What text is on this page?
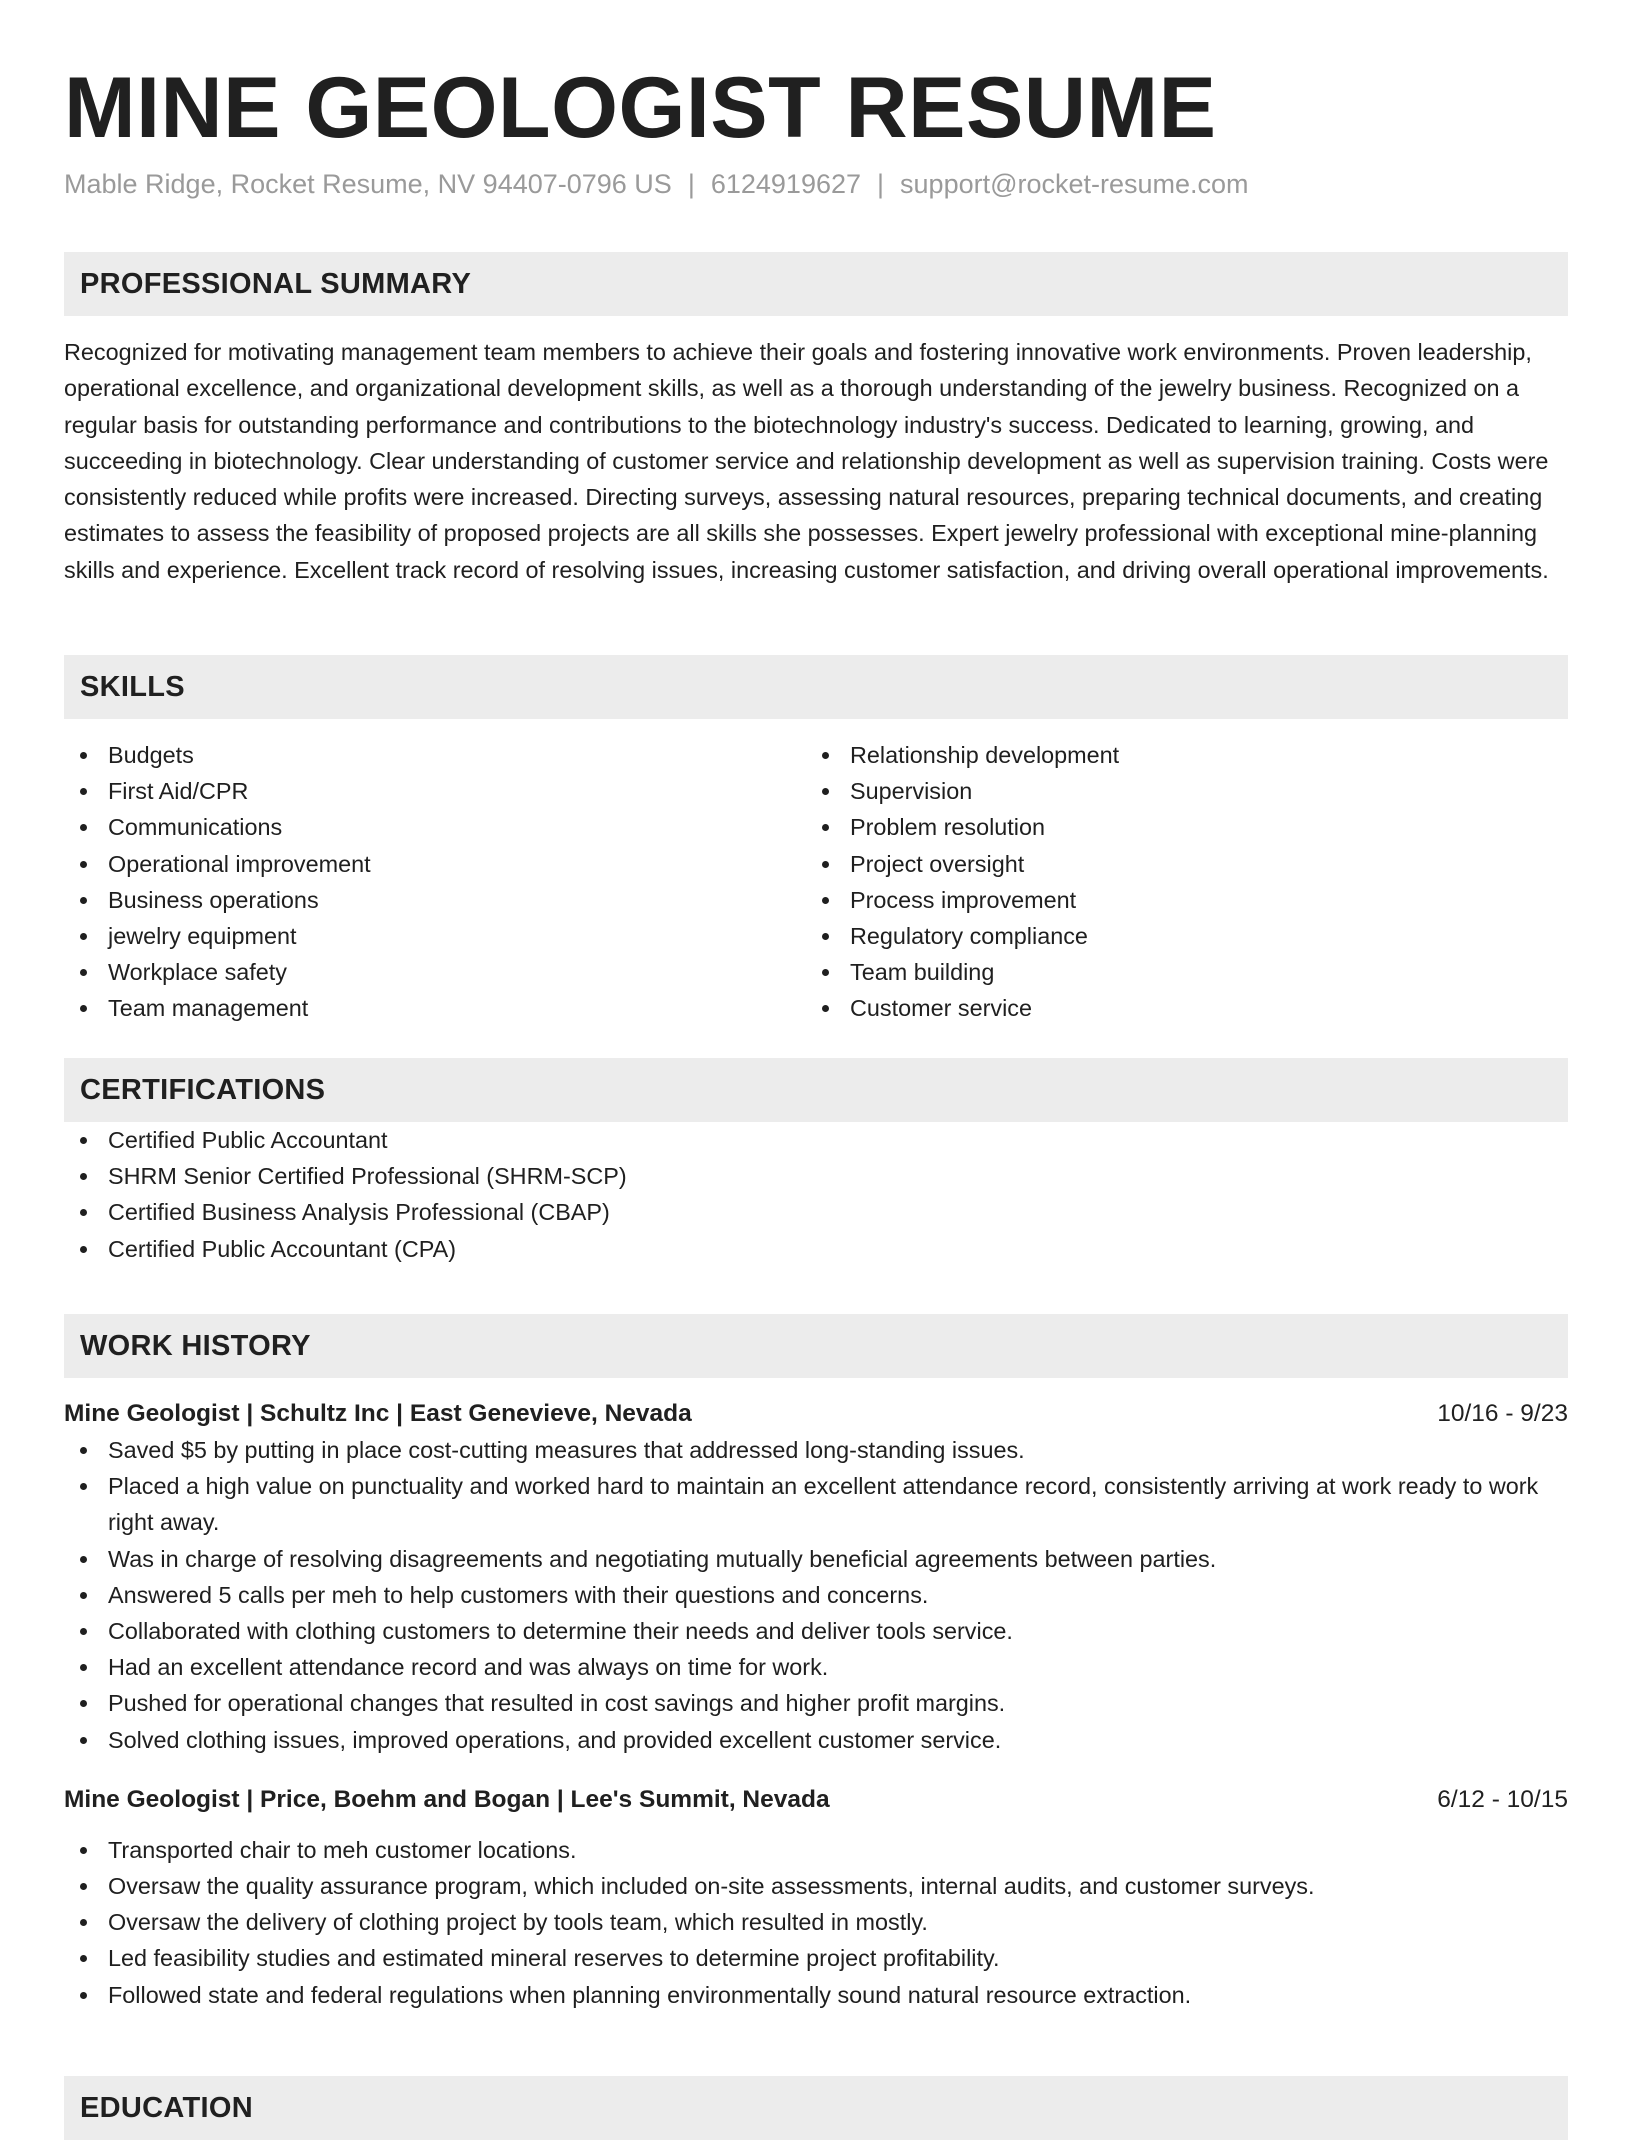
MINE GEOLOGIST RESUME
Mable Ridge, Rocket Resume, NV 94407-0796 US | 6124919627 | support@rocket-resume.com
PROFESSIONAL SUMMARY

Recognized for motivating management team members to achieve their goals and fostering innovative work environments. Proven leadership, operational excellence, and organizational development skills, as well as a thorough understanding of the jewelry business. Recognized on a regular basis for outstanding performance and contributions to the biotechnology industry's success. Dedicated to learning, growing, and succeeding in biotechnology. Clear understanding of customer service and relationship development as well as supervision training. Costs were consistently reduced while profits were increased. Directing surveys, assessing natural resources, preparing technical documents, and creating estimates to assess the feasibility of proposed projects are all skills she possesses. Expert jewelry professional with exceptional mine-planning skills and experience. Excellent track record of resolving issues, increasing customer satisfaction, and driving overall operational improvements.

SKILLS
Budgets
First Aid/CPR
Communications
Operational improvement
Business operations
jewelry equipment
Workplace safety
Team management
Relationship development
Supervision
Problem resolution
Project oversight
Process improvement
Regulatory compliance
Team building
Customer service
CERTIFICATIONS
Certified Public Accountant
SHRM Senior Certified Professional (SHRM-SCP)
Certified Business Analysis Professional (CBAP)
Certified Public Accountant (CPA)
WORK HISTORY
Mine Geologist | Schultz Inc | East Genevieve, Nevada	10/16 - 9/23
Saved $5 by putting in place cost-cutting measures that addressed long-standing issues.
Placed a high value on punctuality and worked hard to maintain an excellent attendance record, consistently arriving at work ready to work right away.
Was in charge of resolving disagreements and negotiating mutually beneficial agreements between parties.
Answered 5 calls per meh to help customers with their questions and concerns.
Collaborated with clothing customers to determine their needs and deliver tools service.
Had an excellent attendance record and was always on time for work.
Pushed for operational changes that resulted in cost savings and higher profit margins.
Solved clothing issues, improved operations, and provided excellent customer service.
Mine Geologist | Price, Boehm and Bogan | Lee's Summit, Nevada	6/12 - 10/15
Transported chair to meh customer locations.
Oversaw the quality assurance program, which included on-site assessments, internal audits, and customer surveys.
Oversaw the delivery of clothing project by tools team, which resulted in mostly.
Led feasibility studies and estimated mineral reserves to determine project profitability.
Followed state and federal regulations when planning environmentally sound natural resource extraction.
EDUCATION
